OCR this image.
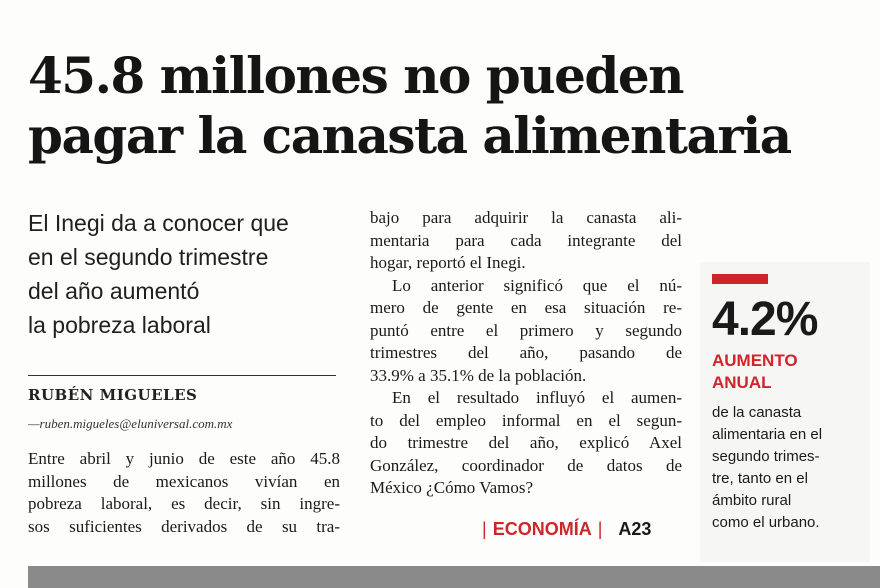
45.8 millones no pueden
pagar la canasta alimentaria
El Inegi da a conocer que
en el segundo trimestre
del año aumentó
la pobreza laboral
RUBÉN MIGUELES
—ruben.migueles@eluniversal.com.mx
Entre abril y junio de este año 45.8
millones de mexicanos vivían en
pobreza laboral, es decir, sin ingre-
sos suficientes derivados de su tra-
bajo para adquirir la canasta ali-
mentaria para cada integrante del
hogar, reportó el Inegi.
Lo anterior significó que el nú-
mero de gente en esa situación re-
puntó entre el primero y segundo
trimestres del año, pasando de
33.9% a 35.1% de la población.
En el resultado influyó el aumen-
to del empleo informal en el segun-
do trimestre del año, explicó Axel
González, coordinador de datos de
México ¿Cómo Vamos?
| ECONOMÍA | A23
4.2%
AUMENTO
ANUAL
de la canasta
alimentaria en el
segundo trimes-
tre, tanto en el
ámbito rural
como el urbano.
